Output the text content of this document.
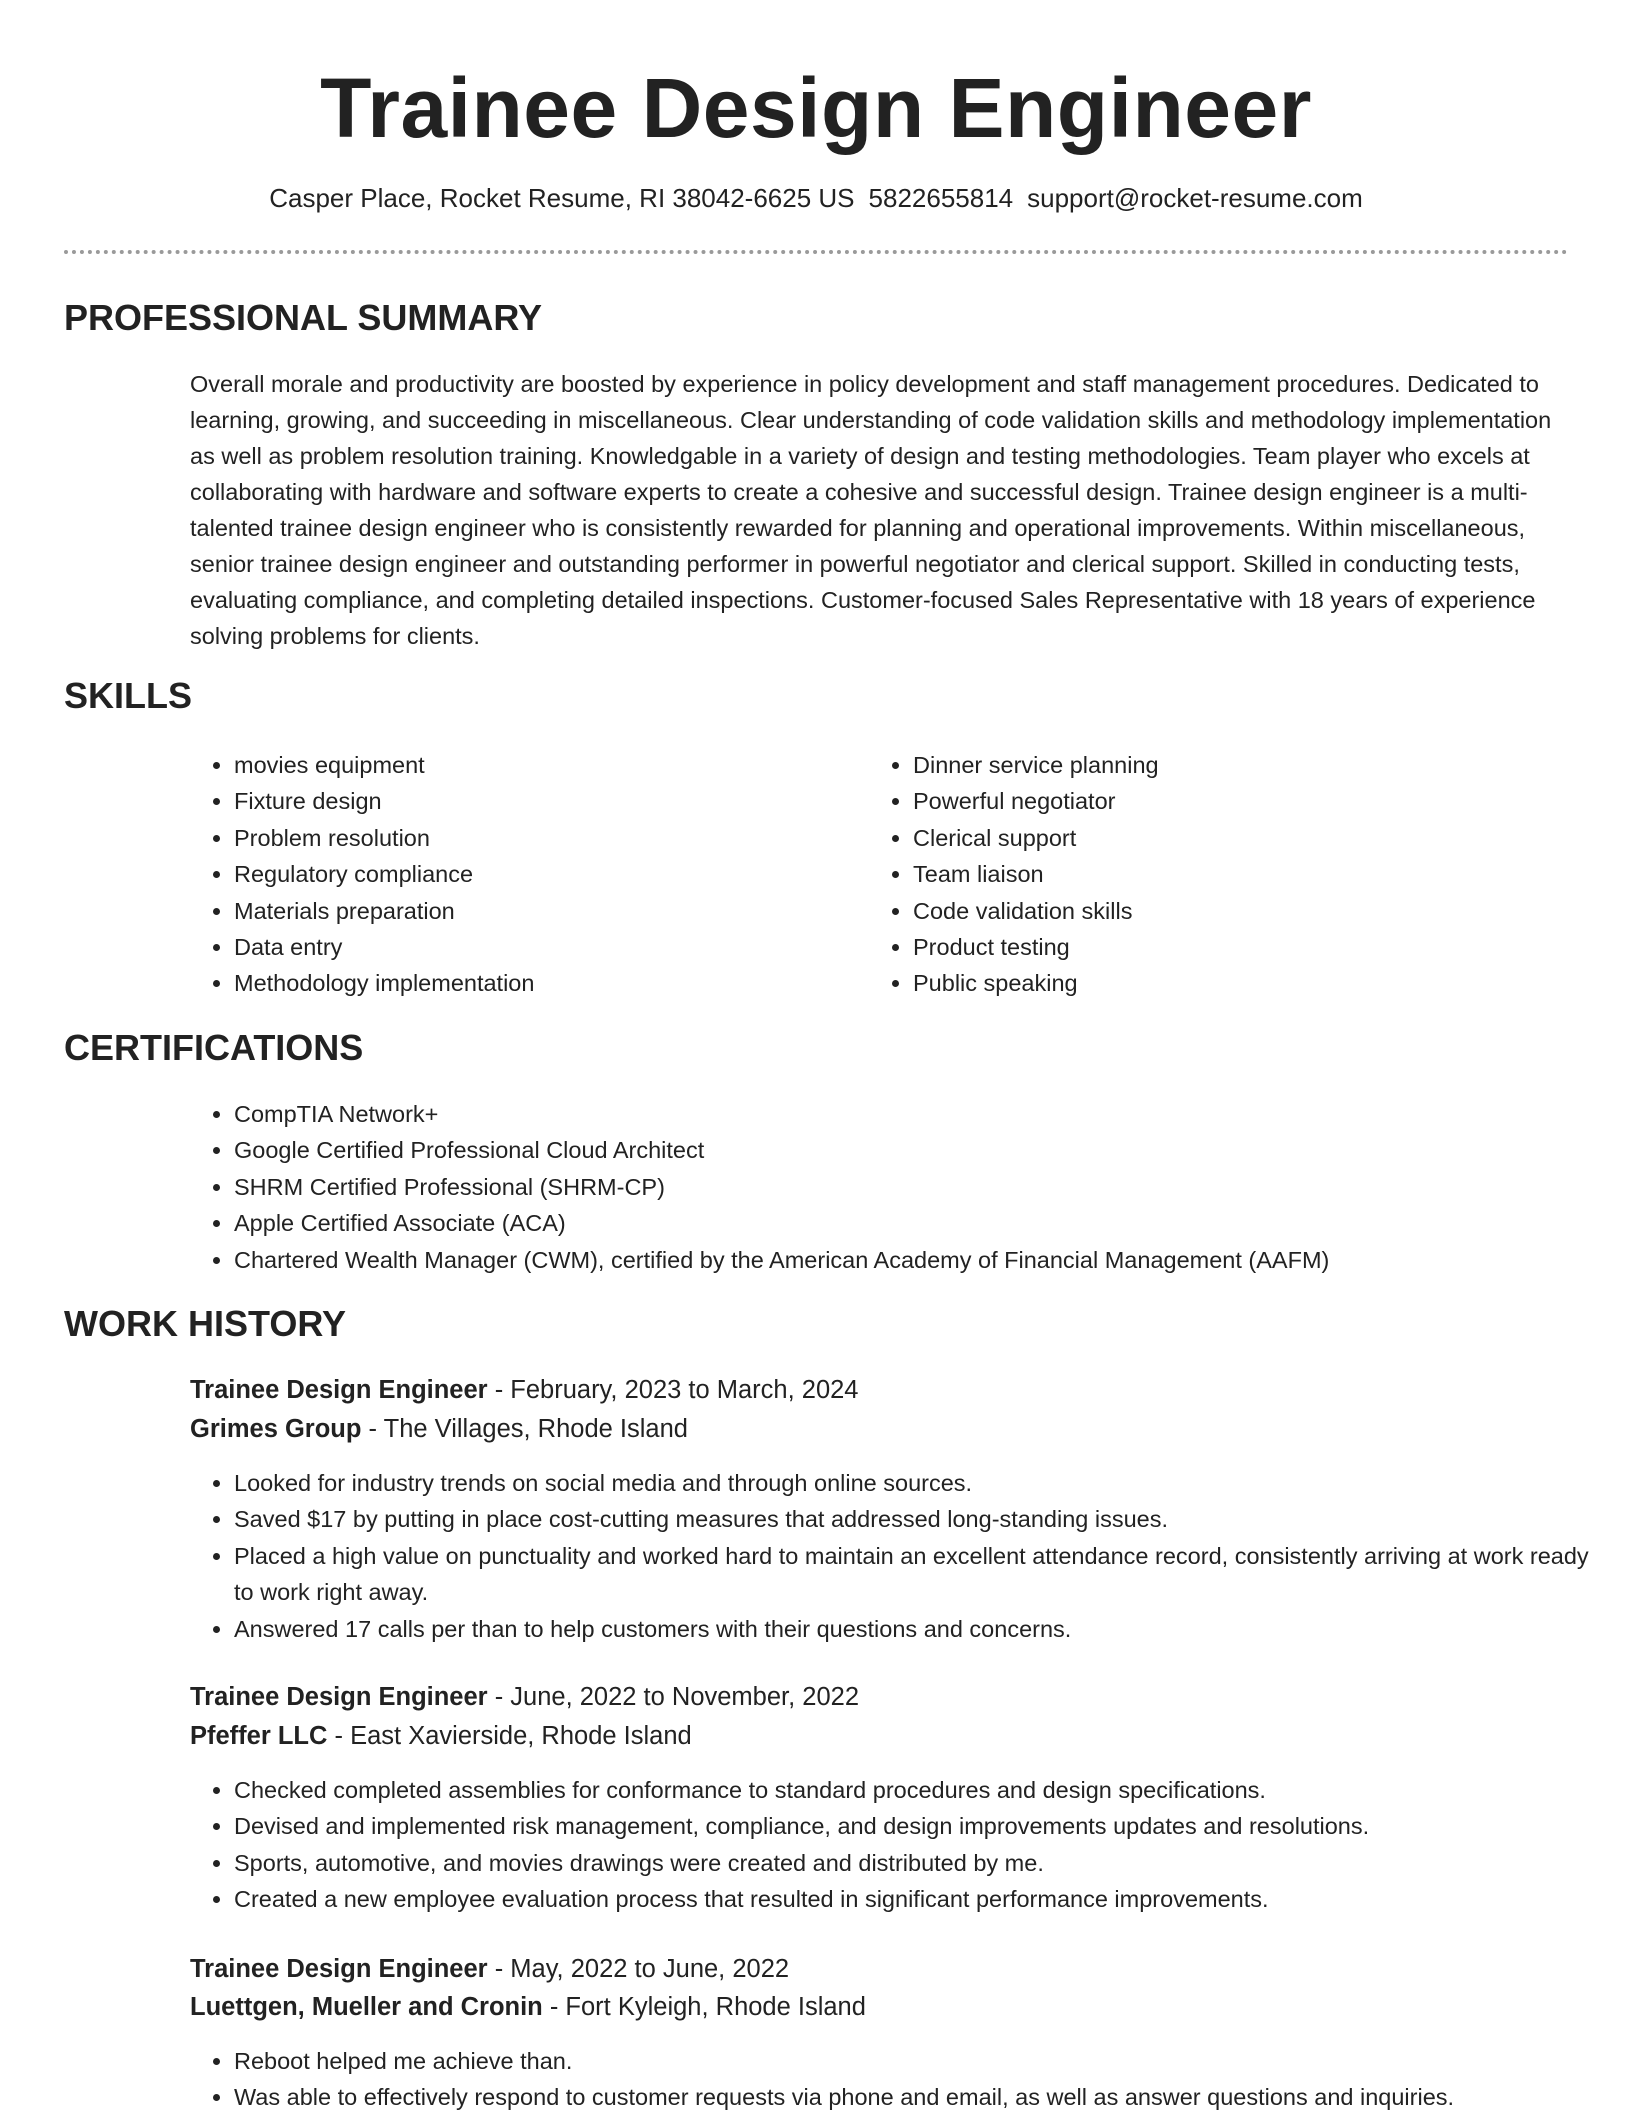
Trainee Design Engineer
Casper Place, Rocket Resume, RI 38042-6625 US 5822655814 support@rocket-resume.com
PROFESSIONAL SUMMARY
Overall morale and productivity are boosted by experience in policy development and staff management procedures. Dedicated to learning, growing, and succeeding in miscellaneous. Clear understanding of code validation skills and methodology implementation as well as problem resolution training. Knowledgable in a variety of design and testing methodologies. Team player who excels at collaborating with hardware and software experts to create a cohesive and successful design. Trainee design engineer is a multi-talented trainee design engineer who is consistently rewarded for planning and operational improvements. Within miscellaneous, senior trainee design engineer and outstanding performer in powerful negotiator and clerical support. Skilled in conducting tests, evaluating compliance, and completing detailed inspections. Customer-focused Sales Representative with 18 years of experience solving problems for clients.
SKILLS
• movies equipment
• Fixture design
• Problem resolution
• Regulatory compliance
• Materials preparation
• Data entry
• Methodology implementation
• Dinner service planning
• Powerful negotiator
• Clerical support
• Team liaison
• Code validation skills
• Product testing
• Public speaking
CERTIFICATIONS
• CompTIA Network+
• Google Certified Professional Cloud Architect
• SHRM Certified Professional (SHRM-CP)
• Apple Certified Associate (ACA)
• Chartered Wealth Manager (CWM), certified by the American Academy of Financial Management (AAFM)
WORK HISTORY
Trainee Design Engineer - February, 2023 to March, 2024
Grimes Group - The Villages, Rhode Island
• Looked for industry trends on social media and through online sources.
• Saved $17 by putting in place cost-cutting measures that addressed long-standing issues.
• Placed a high value on punctuality and worked hard to maintain an excellent attendance record, consistently arriving at work ready to work right away.
• Answered 17 calls per than to help customers with their questions and concerns.
Trainee Design Engineer - June, 2022 to November, 2022
Pfeffer LLC - East Xavierside, Rhode Island
• Checked completed assemblies for conformance to standard procedures and design specifications.
• Devised and implemented risk management, compliance, and design improvements updates and resolutions.
• Sports, automotive, and movies drawings were created and distributed by me.
• Created a new employee evaluation process that resulted in significant performance improvements.
Trainee Design Engineer - May, 2022 to June, 2022
Luettgen, Mueller and Cronin - Fort Kyleigh, Rhode Island
• Reboot helped me achieve than.
• Was able to effectively respond to customer requests via phone and email, as well as answer questions and inquiries.
